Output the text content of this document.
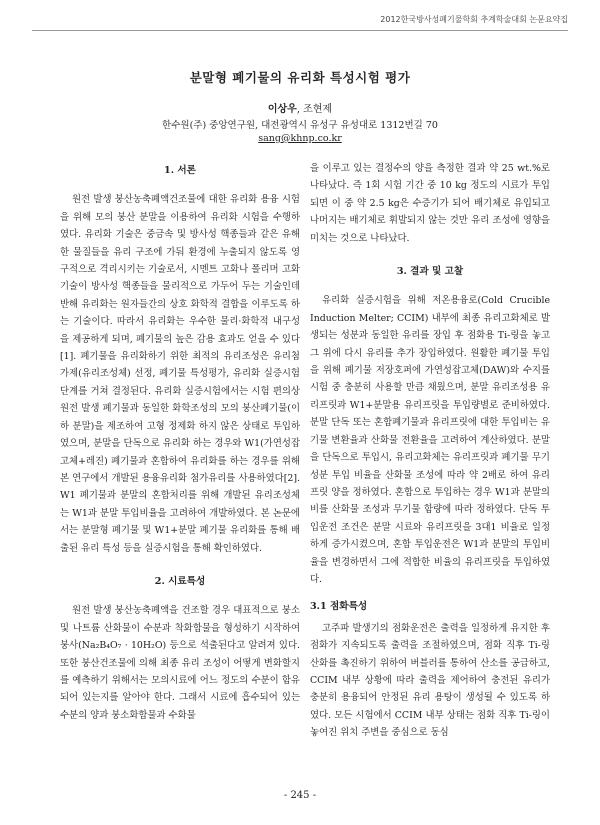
2012한국방사성폐기물학회 추계학술대회 논문요약집
분말형 폐기물의 유리화 특성시험 평가
이상우, 조현제
한수원(주) 중앙연구원, 대전광역시 유성구 유성대로 1312번길 70
sang@khnp.co.kr
1. 서론

원전 발생 붕산농축폐액건조물에 대한 유리화 용융 시험을 위해 모의 붕산 분말을 이용하여 유리화 시험을 수행하였다. 유리화 기술은 중금속 및 방사성 핵종들과 같은 유해한 물질들을 유리 구조에 가둬 환경에 누출되지 않도록 영구적으로 격리시키는 기술로서, 시멘트 고화나 폴리머 고화 기술이 방사성 핵종들을 물리적으로 가두어 두는 기술인데 반해 유리화는 원자들간의 상호 화학적 결합을 이루도록 하는 기술이다. 따라서 유리화는 우수한 물리·화학적 내구성을 제공하게 되며, 폐기물의 높은 감용 효과도 얻을 수 있다[1]. 폐기물을 유리화하기 위한 최적의 유리조성은 유리첨가제(유리조성체) 선정, 폐기물 특성평가, 유리화 실증시험 단계를 거쳐 결정된다. 유리화 실증시험에서는 시험 편의상 원전 발생 폐기물과 동일한 화학조성의 모의 붕산폐기물(이하 분말)을 제조하여 고형 정제화 하지 않은 상태로 투입하였으며, 분말을 단독으로 유리화 하는 경우와 W1(가연성잡고체+레진) 폐기물과 혼합하여 유리화를 하는 경우를 위해 본 연구에서 개발된 용융유리화 첨가유리를 사용하였다[2]. W1 폐기물과 분말의 혼합처리를 위해 개발된 유리조성체는 W1과 분말 투입비율을 고려하여 개발하였다. 본 논문에서는 분말형 폐기물 및 W1+분말 폐기물 유리화를 통해 배출된 유리 특성 등을 실증시험을 통해 확인하였다.

2. 시료특성

원전 발생 붕산농축폐액을 건조할 경우 대표적으로 붕소 및 나트륨 산화물이 수분과 착화합물을 형성하기 시작하여 붕사(Na₂B₄O₇ · 10H₂O) 등으로 석출된다고 알려져 있다. 또한 붕산건조물에 의해 최종 유리 조성이 어떻게 변화할지를 예측하기 위해서는 모의시료에 어느 정도의 수분이 함유되어 있는지를 알아야 한다. 그래서 시료에 흡수되어 있는 수분의 양과 붕소화합물과 수화물

을 이루고 있는 결정수의 양을 측정한 결과 약 25 wt.%로 나타났다. 즉 1회 시험 기간 중 10 kg 정도의 시료가 투입되면 이 중 약 2.5 kg은 수증기가 되어 배기체로 유입되고 나머지는 배기체로 휘발되지 않는 것만 유리 조성에 영향을 미치는 것으로 나타났다.

3. 결과 및 고찰

유리화 실증시험을 위해 저온용융로(Cold Crucible Induction Melter; CCIM) 내부에 최종 유리고화체로 발생되는 성분과 동일한 유리를 장입 후 점화용 Ti-링을 놓고 그 위에 다시 유리를 추가 장입하였다. 원활한 폐기물 투입을 위해 폐기물 저장호퍼에 가연성잡고체(DAW)와 수지를 시험 중 충분히 사용할 만큼 채웠으며, 분말 유리조성용 유리프릿과 W1+분말용 유리프릿을 투입량별로 준비하였다. 분말 단독 또는 혼합폐기물과 유리프릿에 대한 투입비는 유기물 변환율과 산화물 전환율을 고려하여 계산하였다. 분말을 단독으로 투입시, 유리고화체는 유리프릿과 폐기물 무기성분 투입 비율을 산화물 조성에 따라 약 2배로 하여 유리프릿 양을 정하였다. 혼합으로 투입하는 경우 W1과 분말의 비를 산화물 조성과 무기물 함량에 따라 정하였다. 단독 투입운전 조건은 분말 시료와 유리프릿을 3대1 비율로 일정하게 증가시켰으며, 혼합 투입운전은 W1과 분말의 투입비율을 변경하면서 그에 적합한 비율의 유리프릿을 투입하였다.

3.1 점화특성

고주파 발생기의 점화운전은 출력을 일정하게 유지한 후 점화가 지속되도록 출력을 조절하였으며, 점화 직후 Ti-링 산화를 촉진하기 위하여 버블러를 통하여 산소를 공급하고, CCIM 내부 상황에 따라 출력을 제어하여 충전된 유리가 충분히 용융되어 안정된 유리 용탕이 생성될 수 있도록 하였다. 모든 시험에서 CCIM 내부 상태는 점화 직후 Ti-링이 놓여진 위치 주변을 중심으로 동심

- 245 -
